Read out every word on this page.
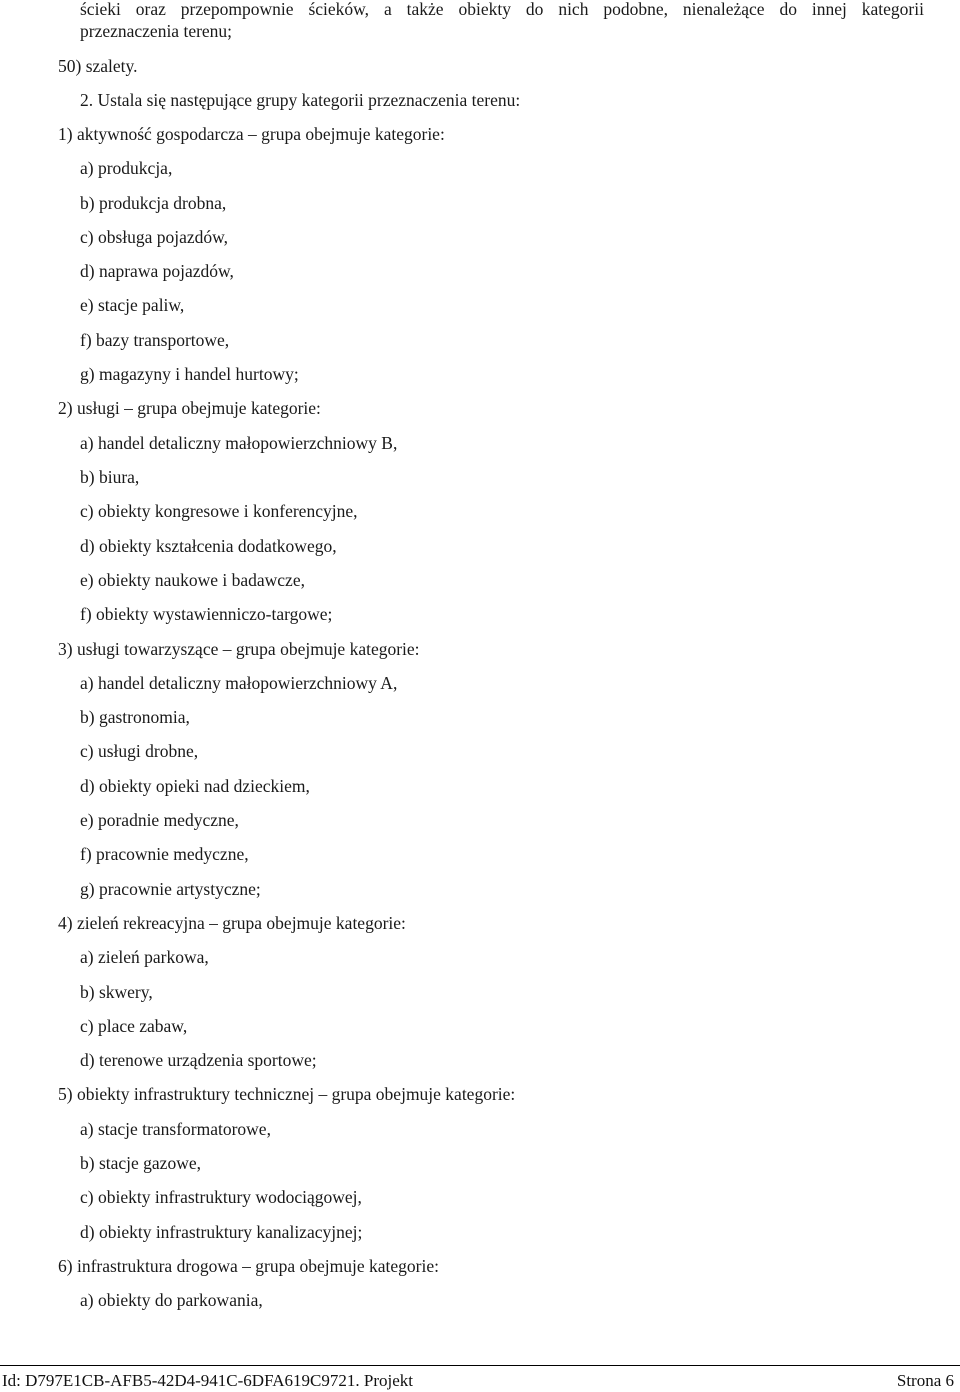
ścieki oraz przepompownie ścieków, a także obiekty do nich podobne, nienależące do innej kategorii
przeznaczenia terenu;
50) szalety.
2. Ustala się następujące grupy kategorii przeznaczenia terenu:
1) aktywność gospodarcza – grupa obejmuje kategorie:
a) produkcja,
b) produkcja drobna,
c) obsługa pojazdów,
d) naprawa pojazdów,
e) stacje paliw,
f) bazy transportowe,
g) magazyny i handel hurtowy;
2) usługi – grupa obejmuje kategorie:
a) handel detaliczny małopowierzchniowy B,
b) biura,
c) obiekty kongresowe i konferencyjne,
d) obiekty kształcenia dodatkowego,
e) obiekty naukowe i badawcze,
f) obiekty wystawienniczo-targowe;
3) usługi towarzyszące – grupa obejmuje kategorie:
a) handel detaliczny małopowierzchniowy A,
b) gastronomia,
c) usługi drobne,
d) obiekty opieki nad dzieckiem,
e) poradnie medyczne,
f) pracownie medyczne,
g) pracownie artystyczne;
4) zieleń rekreacyjna – grupa obejmuje kategorie:
a) zieleń parkowa,
b) skwery,
c) place zabaw,
d) terenowe urządzenia sportowe;
5) obiekty infrastruktury technicznej – grupa obejmuje kategorie:
a) stacje transformatorowe,
b) stacje gazowe,
c) obiekty infrastruktury wodociągowej,
d) obiekty infrastruktury kanalizacyjnej;
6) infrastruktura drogowa – grupa obejmuje kategorie:
a) obiekty do parkowania,
Id: D797E1CB-AFB5-42D4-941C-6DFA619C9721. Projekt	Strona 6
